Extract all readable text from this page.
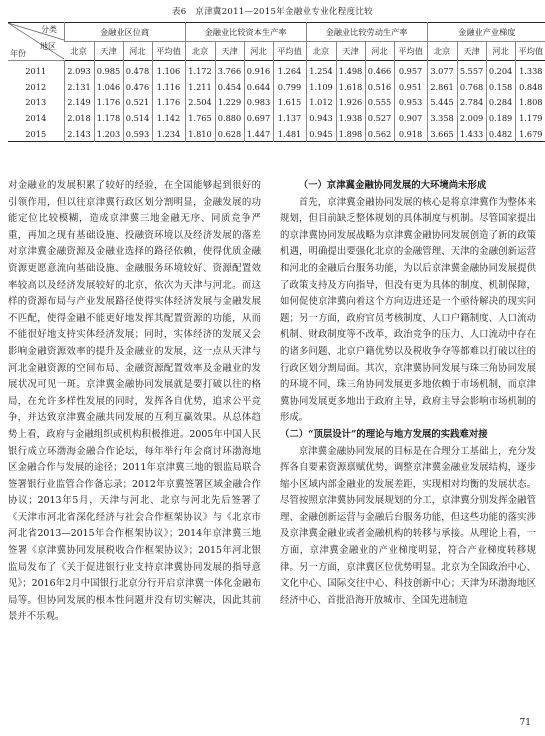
表6　京津冀2011—2015年金融业专业化程度比较
分类
地区
年份	金融业区位商				金融业比较资本生产率				金融业比较劳动生产率				金融业产业梯度			
	北京	天津	河北	平均值	北京	天津	河北	平均值	北京	天津	河北	平均值	北京	天津	河北	平均值
2011	2.093	0.985	0.478	1.106	1.172	3.766	0.916	1.264	1.254	1.498	0.466	0.957	3.077	5.557	0.204	1.338
2012	2.131	1.046	0.476	1.116	1.211	0.454	0.644	0.799	1.109	1.618	0.516	0.951	2.861	0.768	0.158	0.848
2013	2.149	1.176	0.521	1.176	2.504	1.229	0.983	1.615	1.012	1.926	0.555	0.953	5.445	2.784	0.284	1.808
2014	2.018	1.178	0.514	1.142	1.765	0.880	0.697	1.137	0.943	1.938	0.527	0.907	3.358	2.009	0.189	1.179
2015	2.143	1.203	0.593	1.234	1.810	0.628	1.447	1.481	0.945	1.898	0.562	0.918	3.665	1.433	0.482	1.679

对金融业的发展积累了较好的经验，在全国能够起到很好的引领作用，但以往京津冀行政区划分割明显，金融发展的功能定位比较模糊，造成京津冀三地金融无序、同质竞争严重，再加之现有基础设施、投融资环境以及经济发展的落差对京津冀金融资源及金融业选择的路径依赖，使得优质金融资源更愿意流向基础设施、金融服务环境较好、资源配置效率较高以及经济发展较好的北京，依次为天津与河北。而这样的资源布局与产业发展路径使得实体经济发展与金融发展不匹配，使得金融不能更好地发挥其配置资源的功能，从而不能很好地支持实体经济发展；同时，实体经济的发展又会影响金融资源效率的提升及金融业的发展，这一点从天津与河北金融资源的空间布局、金融资源配置效率及金融业的发展状况可见一斑。京津冀金融协同发展就是要打破以往的格局，在允许多样性发展的同时，发挥各自优势，追求公平竞争，并达致京津冀金融共同发展的互利互赢效果。从总体趋势上看，政府与金融组织或机构积极推进。2005年中国人民银行成立环渤海金融合作论坛，每年举行年会商讨环渤海地区金融合作与发展的途径；2011年京津冀三地的银监局联合签署银行业监管合作备忘录；2012年京冀签署区域金融合作协议；2013年5月，天津与河北、北京与河北先后签署了《天津市河北省深化经济与社会合作框架协议》与《北京市河北省2013—2015年合作框架协议》；2014年京津冀三地签署《京津冀协同发展税收合作框架协议》；2015年河北银监局发布了《关于促进银行业支持京津冀协同发展的指导意见》；2016年2月中国银行北京分行开启京津冀一体化金融布局等。但协同发展的根本性问题并没有切实解决，因此其前景并不乐观。

（一）京津冀金融协同发展的大环境尚未形成

首先，京津冀金融协同发展的核心是将京津冀作为整体来规划，但目前缺乏整体规划的具体制度与机制。尽管国家提出的京津冀协同发展战略为京津冀金融协同发展创造了新的政策机遇，明确提出要强化北京的金融管理、天津的金融创新运营和河北的金融后台服务功能，为以后京津冀金融协同发展提供了政策支持及方向指导，但没有更为具体的制度、机制保障，如何促使京津冀向着这个方向迈进还是一个亟待解决的现实问题；另一方面，政府官员考核制度、人口户籍制度、人口流动机制、财政制度等不改革，政治竞争的压力、人口流动中存在的诸多问题、北京户籍优势以及税收争夺等都难以打破以往的行政区划分割局面。其次，京津冀协同发展与珠三角协同发展的环境不同，珠三角协同发展更多地依赖于市场机制，而京津冀协同发展更多地出于政府主导，政府主导会影响市场机制的形成。

（二）“顶层设计”的理论与地方发展的实践难对接

京津冀金融协同发展的目标是在合理分工基础上，充分发挥各自要素资源禀赋优势，调整京津冀金融业发展结构，逐步缩小区域内部金融业的发展差距，实现相对均衡的发展状态。尽管按照京津冀协同发展规划的分工，京津冀分别发挥金融管理、金融创新运营与金融后台服务功能，但这些功能的落实涉及京津冀金融业或者金融机构的转移与承接。从理论上看，一方面，京津冀金融业的产业梯度明显，符合产业梯度转移规律。另一方面，京津冀区位优势明显。北京为全国政治中心、文化中心、国际交往中心、科技创新中心；天津为环渤海地区经济中心、首批沿海开放城市、全国先进制造

71
